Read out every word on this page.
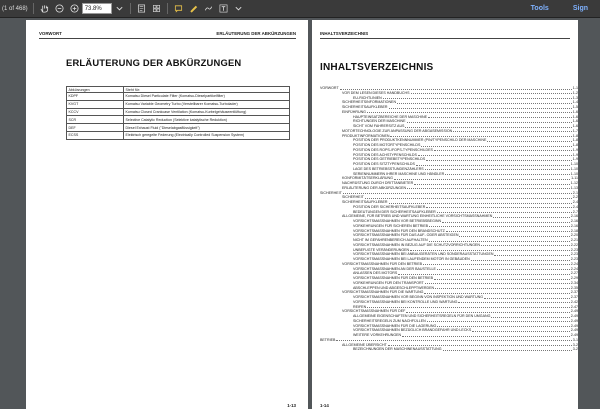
(1 of 468)	73.8%	Tools	Sign
VORWORT	ERLÄUTERUNG DER ABKÜRZUNGEN
ERLÄUTERUNG DER ABKÜRZUNGEN
Abkürzungen	Steht für:
KDPF	Komatsu Diesel Particulate Filter (Komatsu-Dieselpartikelfilter)
KVGT	Komatsu Variable Geometry Turbo (Verstellbarer Komatsu-Turbolader)
KCCV	Komatsu Closed Crankcase Ventilation (Komatsu-Kurbelgehäuseentlüftung)
SCR	Selective Catalytic Reduction (Selektive katalytische Reduktion)
DEF	Diesel Exhaust Fluid ("Dieselabgasflüssigkeit")
ECSS	Elektrisch geregelte Federung (Electrically Controlled Suspension System)
1-13
INHALTSVERZEICHNIS
INHALTSVERZEICHNIS
VORWORT	1-1
VOR DEM LESEN DIESES HANDBUCHS	1-2
EU-RICHTLINIEN	1-3
SICHERHEITSINFORMATIONEN	1-4
SICHERHEITSAUFKLEBER	1-5
EINFÜHRUNG	1-6
HAUPTEINSATZBEREICHE DER MASCHINE	1-6
RICHTUNGEN DER MASCHINE	1-6
SICHT VOM FAHRERSITZ AUS	1-6
MOTORTECHNOLOGIE ZUR ANPASSUNG DER ABGASEMISSION	1-7
PRODUKTINFORMATIONEN	1-8
POSITION DER PRODUKTKENNNUMMER (PIN/TYPENSCHILD DER MASCHINE	1-8
POSITION DES MOTORTYPENSCHILDS	1-8
POSITION DES ROPS-/FOPS-TYPENSCHILDES	1-9
POSITION DES ACHSTYPENSCHILDS	1-9
POSITION DES GETRIEBETYPENSCHILDS	1-9
POSITION DES SITZTYPENSCHILDS	1-10
LAGE DES BETRIEBSSTUNDENZÄHLERS	1-10
SERIENNUMMERN IHRER MASCHINE UND HÄNDLER	1-10
KONFORMITÄTSERKLÄRUNG	1-11
NACHRÜSTUNG DURCH DRITTANBIETER	1-12
ERLÄUTERUNG DER ABKÜRZUNGEN	1-13
SICHERHEIT	2-1
SICHERHEIT	2-2
SICHERHEITSAUFKLEBER	2-4
POSITION DER SICHERHEITSAUFKLEBER	2-4
BEDEUTUNGEN DER SICHERHEITSAUFKLEBER	2-7
ALLGEMEINE, FÜR BETRIEB UND WARTUNG EINHEITLICHE VORSICHTSMASSNAHMEN	2-16
VORSICHTSMASSNAHMEN VOR BETRIEBSBEGINN	2-16
VORKEHRUNGEN FÜR SICHEREN BETRIEB	2-16
VORSICHTSMASSNAHMEN FÜR DEN BRANDSCHUTZ	2-18
VORSICHTSMASSNAHMEN FÜR DAS AUF- ODER ABSTEIGEN	2-20
NICHT IM GEFAHRENBEREICH AUFHALTEN	2-21
VORSICHTSMASSNAHMEN IN BEZUG AUF DIE SCHUTZVORRICHTUNGEN	2-22
UNBEFUGTE VERÄNDERUNGEN	2-23
VORSICHTSMASSNAHMEN BEI ANBAUGERÄTEN UND SONDERAUSSTATTUNGEN	2-23
VORSICHTSMASSNAHMEN BEI LAUFENDEM MOTOR IN GEBÄUDEN	2-23
VORSICHTSMASSNAHMEN FÜR DEN BETRIEB	2-24
VORSICHTSMASSNAHMEN AN DER BAUSTELLE	2-24
ANLASSEN DES MOTORS	2-27
VORSICHTSMASSNAHMEN FÜR DEN BETRIEB	2-29
VORKEHRUNGEN FÜR DEN TRANSPORT	2-34
ABSCHLEPPEN UND ABGESCHLEPPTWERDEN	2-35
VORSICHTSMASSNAHMEN FÜR DIE WARTUNG	2-37
VORSICHTSMASSNAHMEN VOR BEGINN VON INSPEKTION UND WARTUNG	2-37
VORSICHTSMASSNAHMEN BEI KONTROLLE UND WARTUNG	2-42
REIFEN	2-47
VORSICHTSMASSNAHMEN FÜR DEF	2-49
ALLGEMEINE EIGENSCHAFTEN UND SICHERHEITSREGELN FÜR DEN UMGANG	2-49
SICHERHEITSREGELN ZUM NACHFÜLLEN	2-49
VORSICHTSMASSNAHMEN FÜR DIE LAGERUNG	2-49
VORSICHTSMASSNAHMEN BEZÜGLICH BRANDGEFAHR UND LECKS	2-49
WEITERE VORKEHRUNGEN	2-49
BETRIEB	3-1
ALLGEMEINE ÜBERSICHT	3-2
BEZEICHNUNGEN DER MASCHINENAUSSTATTUNG	3-2
1-14
